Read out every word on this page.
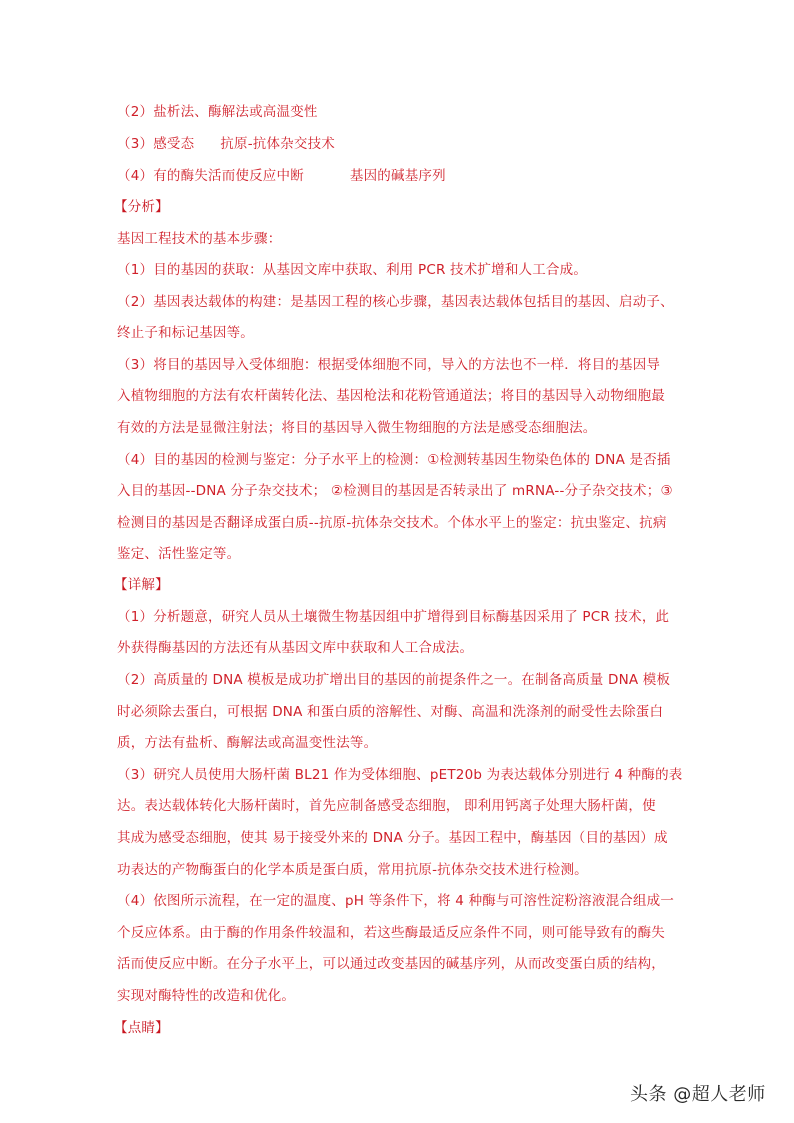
（2）盐析法、酶解法或高温变性
（3）感受态 抗原-抗体杂交技术
（4）有的酶失活而使反应中断	基因的碱基序列
【分析】
基因工程技术的基本步骤：
（1）目的基因的获取：从基因文库中获取、利用 PCR 技术扩增和人工合成。
（2）基因表达载体的构建：是基因工程的核心步骤，基因表达载体包括目的基因、启动子、
终止子和标记基因等。
（3）将目的基因导入受体细胞：根据受体细胞不同，导入的方法也不一样．将目的基因导
入植物细胞的方法有农杆菌转化法、基因枪法和花粉管通道法；将目的基因导入动物细胞最
有效的方法是显微注射法；将目的基因导入微生物细胞的方法是感受态细胞法。
（4）目的基因的检测与鉴定：分子水平上的检测：①检测转基因生物染色体的 DNA 是否插
入目的基因--DNA 分子杂交技术； ②检测目的基因是否转录出了 mRNA--分子杂交技术；③
检测目的基因是否翻译成蛋白质--抗原-抗体杂交技术。个体水平上的鉴定：抗虫鉴定、抗病
鉴定、活性鉴定等。
【详解】
（1）分析题意，研究人员从土壤微生物基因组中扩增得到目标酶基因采用了 PCR 技术，此
外获得酶基因的方法还有从基因文库中获取和人工合成法。
（2）高质量的 DNA 模板是成功扩增出目的基因的前提条件之一。在制备高质量 DNA 模板
时必须除去蛋白，可根据 DNA 和蛋白质的溶解性、对酶、高温和洗涤剂的耐受性去除蛋白
质，方法有盐析、酶解法或高温变性法等。
（3）研究人员使用大肠杆菌 BL21 作为受体细胞、pET20b 为表达载体分别进行 4 种酶的表
达。表达载体转化大肠杆菌时，首先应制备感受态细胞， 即利用钙离子处理大肠杆菌，使
其成为感受态细胞，使其 易于接受外来的 DNA 分子。基因工程中，酶基因（目的基因）成
功表达的产物酶蛋白的化学本质是蛋白质，常用抗原-抗体杂交技术进行检测。
（4）依图所示流程，在一定的温度、pH 等条件下，将 4 种酶与可溶性淀粉溶液混合组成一
个反应体系。由于酶的作用条件较温和，若这些酶最适反应条件不同，则可能导致有的酶失
活而使反应中断。在分子水平上，可以通过改变基因的碱基序列，从而改变蛋白质的结构，
实现对酶特性的改造和优化。
【点睛】
头条 @超人老师
